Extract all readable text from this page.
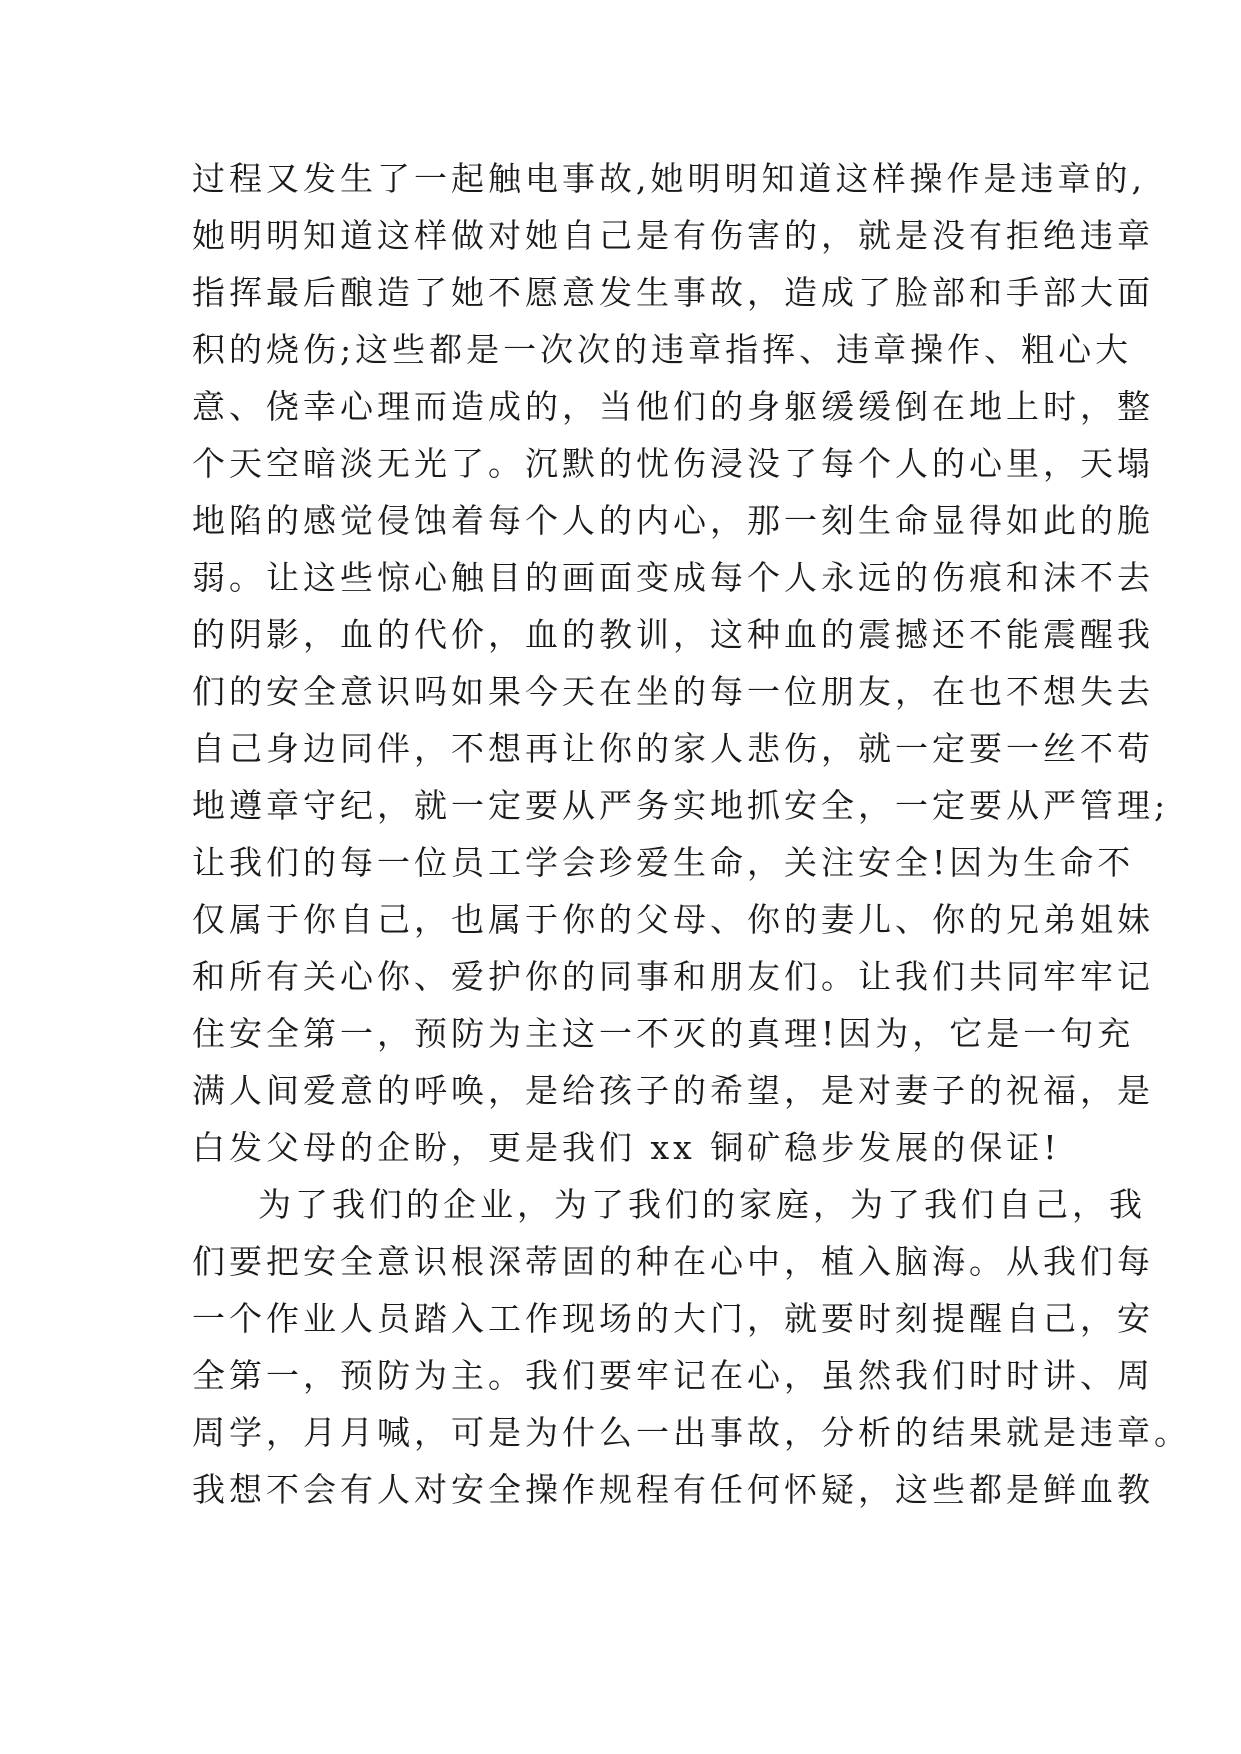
过程又发生了一起触电事故,她明明知道这样操作是违章的,
她明明知道这样做对她自己是有伤害的，就是没有拒绝违章
指挥最后酿造了她不愿意发生事故，造成了脸部和手部大面
积的烧伤;这些都是一次次的违章指挥、违章操作、粗心大
意、侥幸心理而造成的，当他们的身躯缓缓倒在地上时，整
个天空暗淡无光了。沉默的忧伤浸没了每个人的心里，天塌
地陷的感觉侵蚀着每个人的内心，那一刻生命显得如此的脆
弱。让这些惊心触目的画面变成每个人永远的伤痕和沫不去
的阴影，血的代价，血的教训，这种血的震撼还不能震醒我
们的安全意识吗如果今天在坐的每一位朋友，在也不想失去
自己身边同伴，不想再让你的家人悲伤，就一定要一丝不苟
地遵章守纪，就一定要从严务实地抓安全，一定要从严管理;
让我们的每一位员工学会珍爱生命，关注安全!因为生命不
仅属于你自己，也属于你的父母、你的妻儿、你的兄弟姐妹
和所有关心你、爱护你的同事和朋友们。让我们共同牢牢记
住安全第一，预防为主这一不灭的真理!因为，它是一句充
满人间爱意的呼唤，是给孩子的希望，是对妻子的祝福，是
白发父母的企盼，更是我们 xx 铜矿稳步发展的保证!
为了我们的企业，为了我们的家庭，为了我们自己，我
们要把安全意识根深蒂固的种在心中，植入脑海。从我们每
一个作业人员踏入工作现场的大门，就要时刻提醒自己，安
全第一，预防为主。我们要牢记在心，虽然我们时时讲、周
周学，月月喊，可是为什么一出事故，分析的结果就是违章。
我想不会有人对安全操作规程有任何怀疑，这些都是鲜血教
